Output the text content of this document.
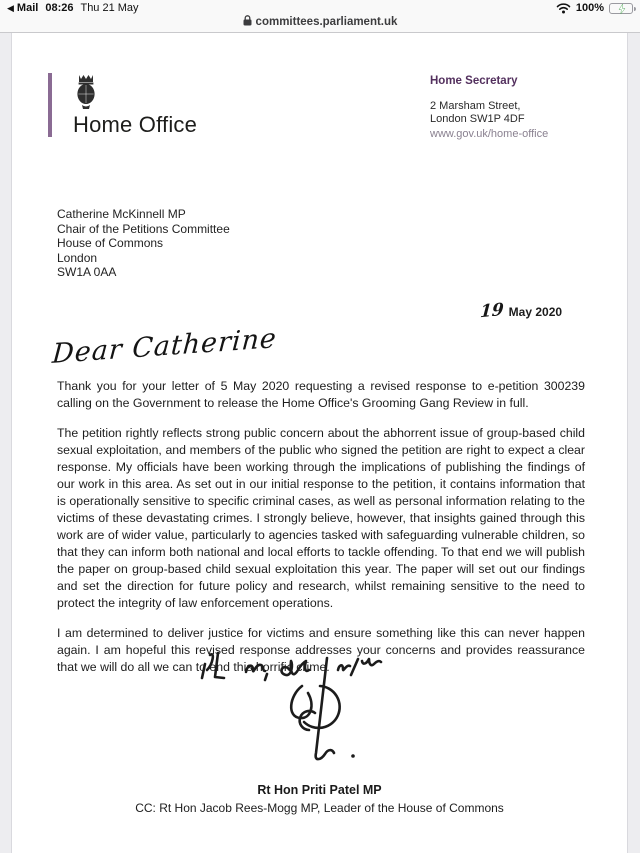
◀ Mail 08:26 Thu 21 May	100%
committees.parliament.uk
Home Office
Home Secretary
2 Marsham Street,
London SW1P 4DF
www.gov.uk/home-office
Catherine McKinnell MP
Chair of the Petitions Committee
House of Commons
London
SW1A 0AA
19 May 2020
Dear Catherine

Thank you for your letter of 5 May 2020 requesting a revised response to e-petition 300239 calling on the Government to release the Home Office's Grooming Gang Review in full.

The petition rightly reflects strong public concern about the abhorrent issue of group-based child sexual exploitation, and members of the public who signed the petition are right to expect a clear response. My officials have been working through the implications of publishing the findings of our work in this area. As set out in our initial response to the petition, it contains information that is operationally sensitive to specific criminal cases, as well as personal information relating to the victims of these devastating crimes. I strongly believe, however, that insights gained through this work are of wider value, particularly to agencies tasked with safeguarding vulnerable children, so that they can inform both national and local efforts to tackle offending. To that end we will publish the paper on group-based child sexual exploitation this year. The paper will set out our findings and set the direction for future policy and research, whilst remaining sensitive to the need to protect the integrity of law enforcement operations.

I am determined to deliver justice for victims and ensure something like this can never happen again. I am hopeful this revised response addresses your concerns and provides reassurance that we will do all we can to end this horrific crime.

Rt Hon Priti Patel MP
CC: Rt Hon Jacob Rees-Mogg MP, Leader of the House of Commons
